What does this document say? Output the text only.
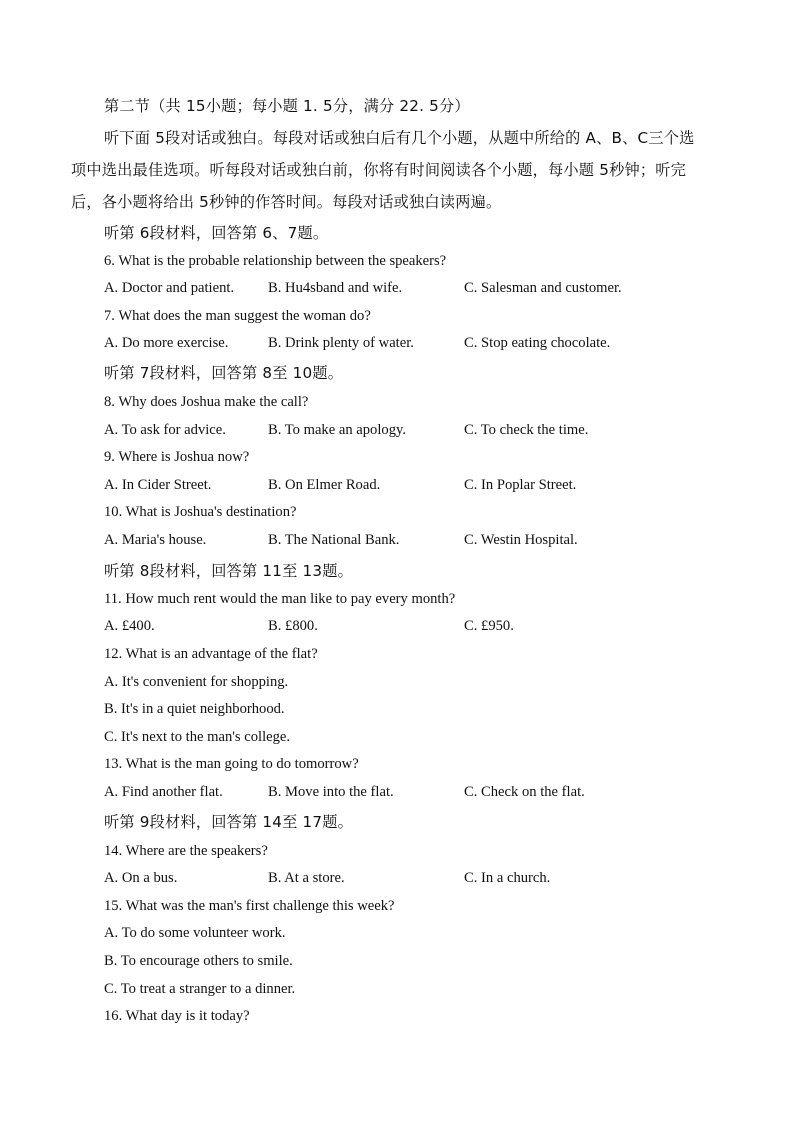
第二节（共 15小题；每小题 1. 5分，满分 22. 5分）
听下面 5段对话或独白。每段对话或独白后有几个小题，从题中所给的 A、B、C三个选
项中选出最佳选项。听每段对话或独白前，你将有时间阅读各个小题，每小题 5秒钟；听完
后，各小题将给出 5秒钟的作答时间。每段对话或独白读两遍。
听第 6段材料，回答第 6、7题。
6. What is the probable relationship between the speakers?
A. Doctor and patient. B. Hu4sband and wife.	C. Salesman and customer.
7. What does the man suggest the woman do?
A. Do more exercise.	B. Drink plenty of water.	C. Stop eating chocolate.
听第 7段材料，回答第 8至 10题。
8. Why does Joshua make the call?
A. To ask for advice.	B. To make an apology.	C. To check the time.
9. Where is Joshua now?
A. In Cider Street.	B. On Elmer Road.	C. In Poplar Street.
10. What is Joshua's destination?
A. Maria's house.	B. The National Bank.	C. Westin Hospital.
听第 8段材料，回答第 11至 13题。
11. How much rent would the man like to pay every month?
A. £400.	B. £800.	C. £950.
12. What is an advantage of the flat?
A. It's convenient for shopping.
B. It's in a quiet neighborhood.
C. It's next to the man's college.
13. What is the man going to do tomorrow?
A. Find another flat.	B. Move into the flat.	C. Check on the flat.
听第 9段材料，回答第 14至 17题。
14. Where are the speakers?
A. On a bus.	B. At a store.	C. In a church.
15. What was the man's first challenge this week?
A. To do some volunteer work.
B. To encourage others to smile.
C. To treat a stranger to a dinner.
16. What day is it today?
